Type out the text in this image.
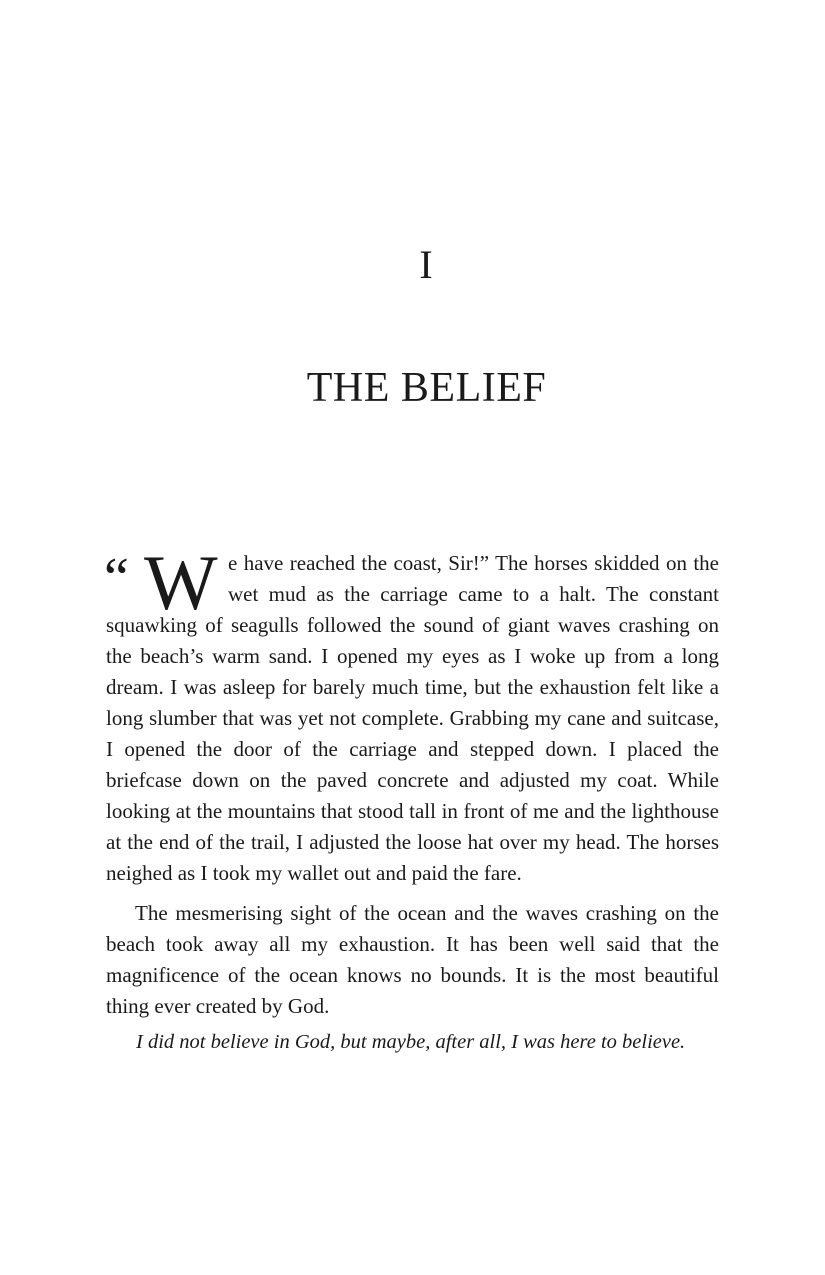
I
THE BELIEF
“ W e have reached the coast, Sir!” The horses skidded on the wet mud as the carriage came to a halt. The constant squawking of seagulls followed the sound of giant waves crashing on the beach’s warm sand. I opened my eyes as I woke up from a long dream. I was asleep for barely much time, but the exhaustion felt like a long slumber that was yet not complete. Grabbing my cane and suitcase, I opened the door of the carriage and stepped down. I placed the briefcase down on the paved concrete and adjusted my coat. While looking at the mountains that stood tall in front of me and the lighthouse at the end of the trail, I adjusted the loose hat over my head. The horses neighed as I took my wallet out and paid the fare.

The mesmerising sight of the ocean and the waves crashing on the beach took away all my exhaustion. It has been well said that the magnificence of the ocean knows no bounds. It is the most beautiful thing ever created by God.

I did not believe in God, but maybe, after all, I was here to believe.
